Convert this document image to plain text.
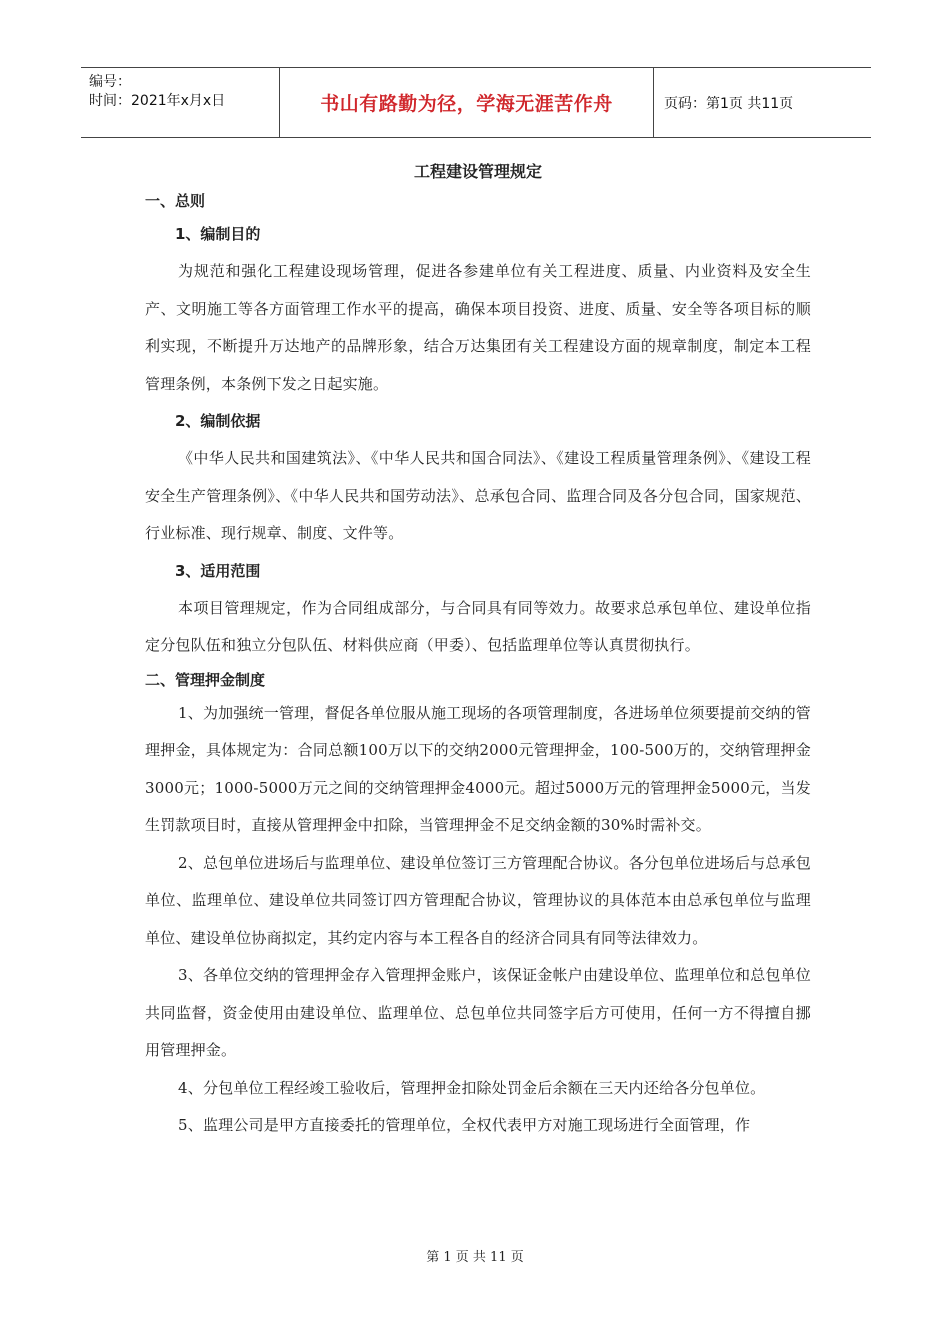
编号：
时间：2021年x月x日	书山有路勤为径，学海无涯苦作舟	页码：第1页 共11页
工程建设管理规定
一、总则
1、编制目的
为规范和强化工程建设现场管理，促进各参建单位有关工程进度、质量、内业资料及安全生产、文明施工等各方面管理工作水平的提高，确保本项目投资、进度、质量、安全等各项目标的顺利实现，不断提升万达地产的品牌形象，结合万达集团有关工程建设方面的规章制度，制定本工程管理条例，本条例下发之日起实施。
2、编制依据
《中华人民共和国建筑法》、《中华人民共和国合同法》、《建设工程质量管理条例》、《建设工程安全生产管理条例》、《中华人民共和国劳动法》、总承包合同、监理合同及各分包合同，国家规范、行业标准、现行规章、制度、文件等。
3、适用范围
本项目管理规定，作为合同组成部分，与合同具有同等效力。故要求总承包单位、建设单位指定分包队伍和独立分包队伍、材料供应商（甲委）、包括监理单位等认真贯彻执行。
二、管理押金制度
1、为加强统一管理，督促各单位服从施工现场的各项管理制度，各进场单位须要提前交纳的管理押金，具体规定为：合同总额100万以下的交纳2000元管理押金，100-500万的，交纳管理押金3000元；1000-5000万元之间的交纳管理押金4000元。超过5000万元的管理押金5000元，当发生罚款项目时，直接从管理押金中扣除，当管理押金不足交纳金额的30%时需补交。
2、总包单位进场后与监理单位、建设单位签订三方管理配合协议。各分包单位进场后与总承包单位、监理单位、建设单位共同签订四方管理配合协议，管理协议的具体范本由总承包单位与监理单位、建设单位协商拟定，其约定内容与本工程各自的经济合同具有同等法律效力。
3、各单位交纳的管理押金存入管理押金账户，该保证金帐户由建设单位、监理单位和总包单位共同监督，资金使用由建设单位、监理单位、总包单位共同签字后方可使用，任何一方不得擅自挪用管理押金。
4、分包单位工程经竣工验收后，管理押金扣除处罚金后余额在三天内还给各分包单位。
5、监理公司是甲方直接委托的管理单位，全权代表甲方对施工现场进行全面管理，作
第 1 页 共 11 页
